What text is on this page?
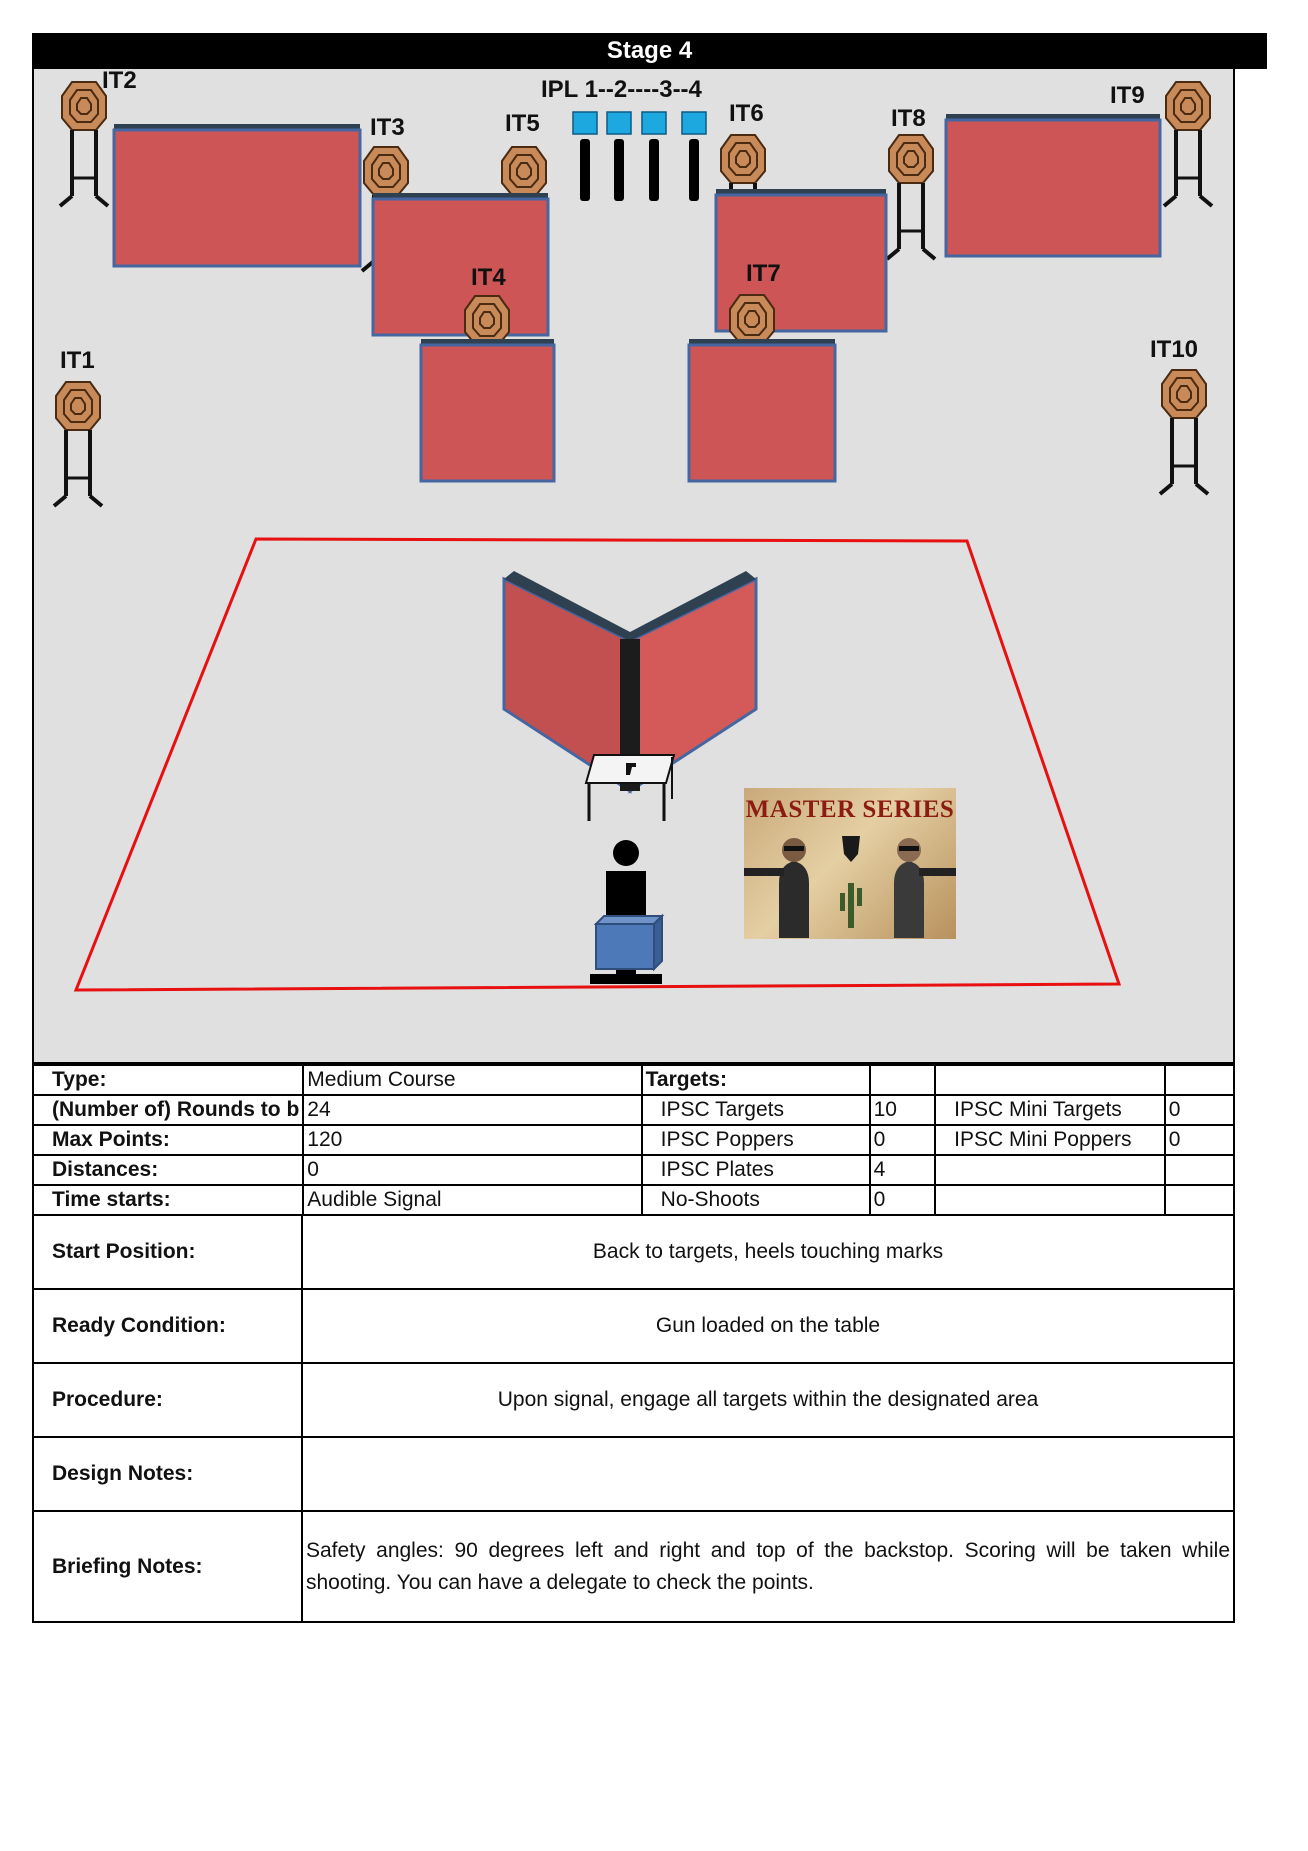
Stage 4
IT2
IT3	IT5
IPL 1--2----3--4
IT6	IT8
IT9
IT4	IT7
IT1	IT10
MASTER SERIES
Type:	Medium Course	Targets:			
(Number of) Rounds to b	24	IPSC Targets	10	IPSC Mini Targets	0
Max Points:	120	IPSC Poppers	0	IPSC Mini Poppers	0
Distances:	0	IPSC Plates	4		
Time starts:	Audible Signal	No-Shoots	0		
Start Position:	Back to targets, heels touching marks
Ready Condition:	Gun loaded on the table
Procedure:	Upon signal, engage all targets within the designated area
Design Notes:	
Briefing Notes:	Safety angles: 90 degrees left and right and top of the backstop. Scoring will be taken while shooting. You can have a delegate to check the points.
